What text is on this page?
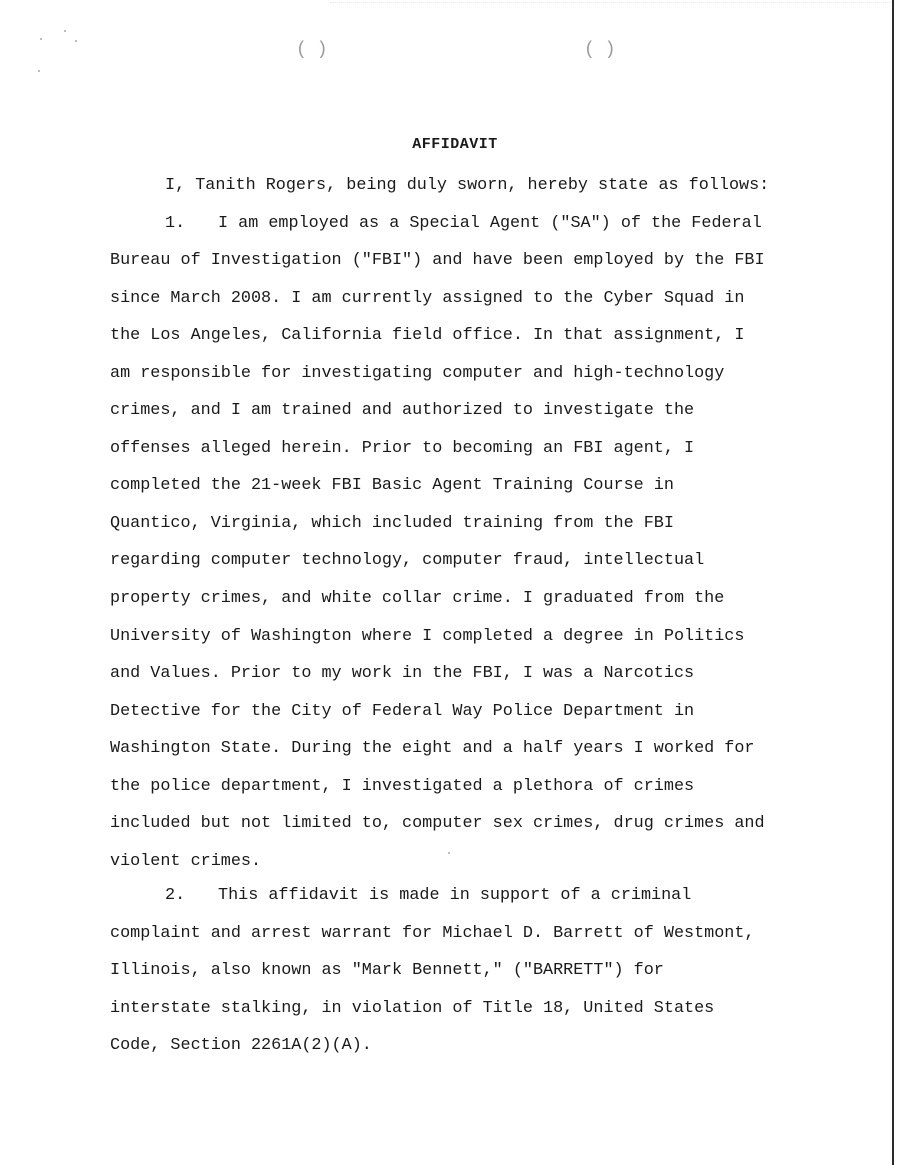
()	()
AFFIDAVIT
I, Tanith Rogers, being duly sworn, hereby state as follows:
1. I am employed as a Special Agent ("SA") of the Federal
Bureau of Investigation ("FBI") and have been employed by the FBI
since March 2008. I am currently assigned to the Cyber Squad in
the Los Angeles, California field office. In that assignment, I
am responsible for investigating computer and high-technology
crimes, and I am trained and authorized to investigate the
offenses alleged herein. Prior to becoming an FBI agent, I
completed the 21-week FBI Basic Agent Training Course in
Quantico, Virginia, which included training from the FBI
regarding computer technology, computer fraud, intellectual
property crimes, and white collar crime. I graduated from the
University of Washington where I completed a degree in Politics
and Values. Prior to my work in the FBI, I was a Narcotics
Detective for the City of Federal Way Police Department in
Washington State. During the eight and a half years I worked for
the police department, I investigated a plethora of crimes
included but not limited to, computer sex crimes, drug crimes and
violent crimes.
2. This affidavit is made in support of a criminal
complaint and arrest warrant for Michael D. Barrett of Westmont,
Illinois, also known as "Mark Bennett," ("BARRETT") for
interstate stalking, in violation of Title 18, United States
Code, Section 2261A(2)(A).
